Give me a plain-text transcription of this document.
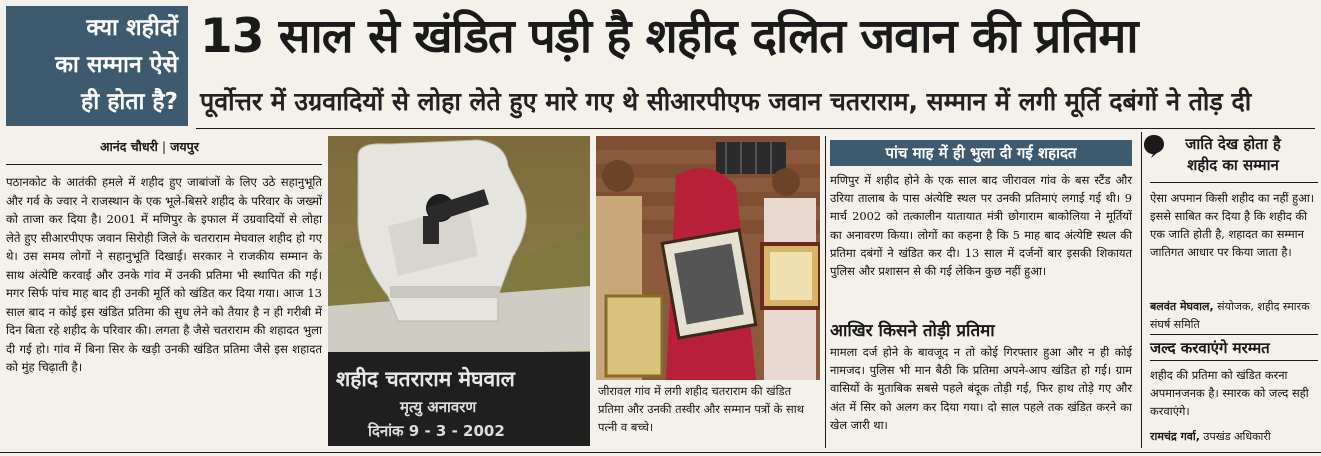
क्या शहीदों
का सम्मान ऐसे
ही होता है?
13 साल से खंडित पड़ी है शहीद दलित जवान की प्रतिमा
पूर्वोत्तर में उग्रवादियों से लोहा लेते हुए मारे गए थे सीआरपीएफ जवान चतराराम, सम्मान में लगी मूर्ति दबंगों ने तोड़ दी
आनंद चौधरी | जयपुर
पठानकोट के आतंकी हमले में शहीद हुए जाबांजों के लिए उठे सहानुभूति और गर्व के ज्वार ने राजस्थान के एक भूले-बिसरे शहीद के परिवार के जख्मों को ताजा कर दिया है। 2001 में मणिपुर के इफाल में उग्रवादियों से लोहा लेते हुए सीआरपीएफ जवान सिरोही जिले के चतराराम मेघवाल शहीद हो गए थे। उस समय लोगों ने सहानुभूति दिखाई। सरकार ने राजकीय सम्मान के साथ अंत्येष्टि करवाई और उनके गांव में उनकी प्रतिमा भी स्थापित की गई। मगर सिर्फ पांच माह बाद ही उनकी मूर्ति को खंडित कर दिया गया। आज 13 साल बाद न कोई इस खंडित प्रतिमा की सुध लेने को तैयार है न ही गरीबी में दिन बिता रहे शहीद के परिवार की। लगता है जैसे चतराराम की शहादत भुला दी गई हो। गांव में बिना सिर के खड़ी उनकी खंडित प्रतिमा जैसे इस शहादत को मुंह चिढ़ाती है।	शहीद चतराराम मेघवाल
मृत्यु अनावरण
दिनांक 9 - 3 - 2002
जीरावल गांव में लगी शहीद चतराराम की खंडित प्रतिमा और उनकी तस्वीर और सम्मान पत्रों के साथ पत्नी व बच्चे।
पांच माह में ही भुला दी गई शहादत
मणिपुर में शहीद होने के एक साल बाद जीरावल गांव के बस स्टैंड और उरिया तालाब के पास अंत्येष्टि स्थल पर उनकी प्रतिमाएं लगाई गई थी। 9 मार्च 2002 को तत्कालीन यातायात मंत्री छोगाराम बाकोलिया ने मूर्तियों का अनावरण किया। लोगों का कहना है कि 5 माह बाद अंत्येष्टि स्थल की प्रतिमा दबंगों ने खंडित कर दी। 13 साल में दर्जनों बार इसकी शिकायत पुलिस और प्रशासन से की गई लेकिन कुछ नहीं हुआ।
आखिर किसने तोड़ी प्रतिमा
मामला दर्ज होने के बावजूद न तो कोई गिरफ्तार हुआ और न ही कोई नामजद। पुलिस भी मान बैठी कि प्रतिमा अपने-आप खंडित हो गई। ग्राम वासियों के मुताबिक सबसे पहले बंदूक तोड़ी गई, फिर हाथ तोड़े गए और अंत में सिर को अलग कर दिया गया। दो साल पहले तक खंडित करने का खेल जारी था।
जाति देख होता है
शहीद का सम्मान
ऐसा अपमान किसी शहीद का नहीं हुआ। इससे साबित कर दिया है कि शहीद की एक जाति होती है, शहादत का सम्मान जातिगत आधार पर किया जाता है।
बलवंत मेघवाल, संयोजक, शहीद स्मारक संघर्ष समिति
जल्द करवाएंगे मरम्मत
शहीद की प्रतिमा को खंडित करना अपमानजनक है। स्मारक को जल्द सही करवाएंगे।
रामचंद्र गर्वा, उपखंड अधिकारी
